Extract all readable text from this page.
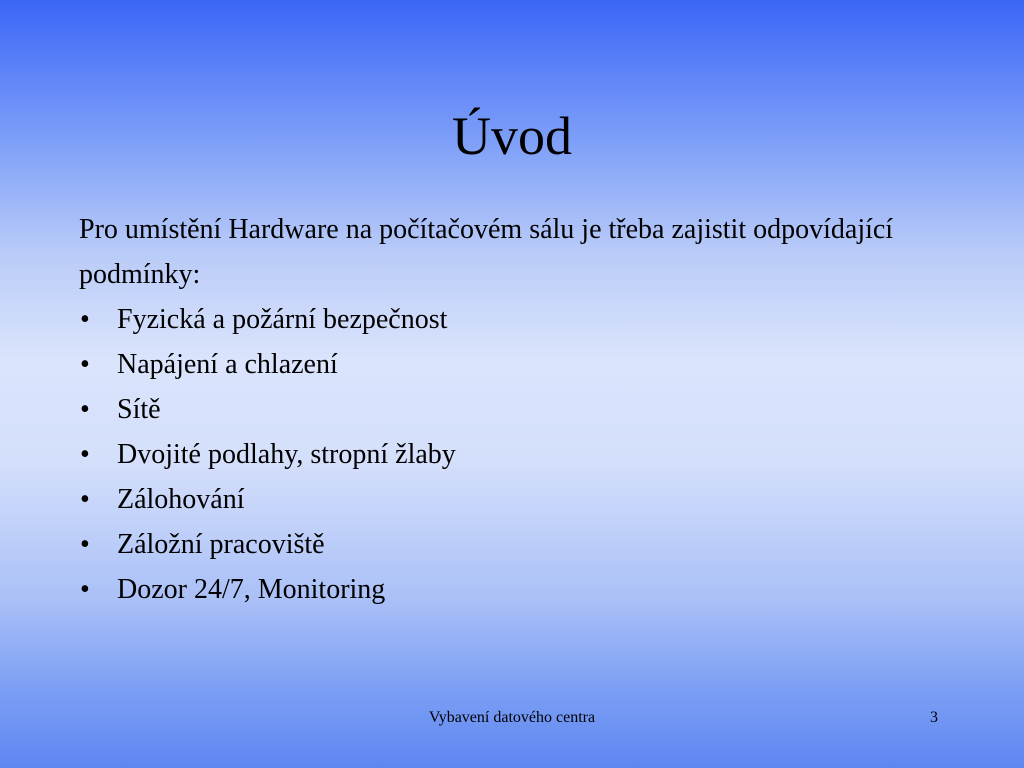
Úvod

Pro umístění Hardware na počítačovém sálu je třeba zajistit odpovídající podmínky:

• Fyzická a požární bezpečnost
• Napájení a chlazení
• Sítě
• Dvojité podlahy, stropní žlaby
• Zálohování
• Záložní pracoviště
• Dozor 24/7, Monitoring
Vybavení datového centra	3
